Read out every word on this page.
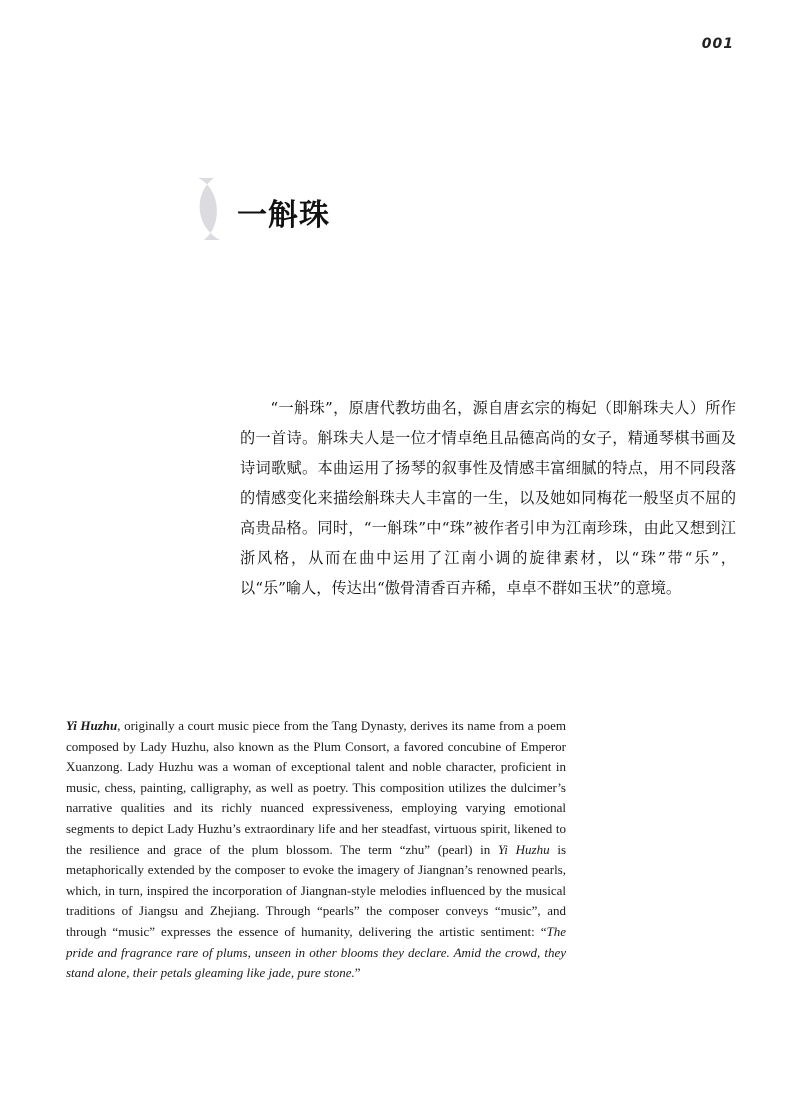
001
一斛珠

“一斛珠”，原唐代教坊曲名，源自唐玄宗的梅妃（即斛珠夫人）所作的一首诗。斛珠夫人是一位才情卓绝且品德高尚的女子，精通琴棋书画及诗词歌赋。本曲运用了扬琴的叙事性及情感丰富细腻的特点，用不同段落的情感变化来描绘斛珠夫人丰富的一生，以及她如同梅花一般坚贞不屈的高贵品格。同时，“一斛珠”中“珠”被作者引申为江南珍珠，由此又想到江浙风格，从而在曲中运用了江南小调的旋律素材，以“珠”带“乐”，以“乐”喻人，传达出“傲骨清香百卉稀，卓卓不群如玉状”的意境。

Yi Huzhu, originally a court music piece from the Tang Dynasty, derives its name from a poem composed by Lady Huzhu, also known as the Plum Consort, a favored concubine of Emperor Xuanzong. Lady Huzhu was a woman of exceptional talent and noble character, proficient in music, chess, painting, calligraphy, as well as poetry. This composition utilizes the dulcimer’s narrative qualities and its richly nuanced expressiveness, employing varying emotional segments to depict Lady Huzhu’s extraordinary life and her steadfast, virtuous spirit, likened to the resilience and grace of the plum blossom. The term “zhu” (pearl) in Yi Huzhu is metaphorically extended by the composer to evoke the imagery of Jiangnan’s renowned pearls, which, in turn, inspired the incorporation of Jiangnan-style melodies influenced by the musical traditions of Jiangsu and Zhejiang. Through “pearls” the composer conveys “music”, and through “music” expresses the essence of humanity, delivering the artistic sentiment: “The pride and fragrance rare of plums, unseen in other blooms they declare. Amid the crowd, they stand alone, their petals gleaming like jade, pure stone.”
